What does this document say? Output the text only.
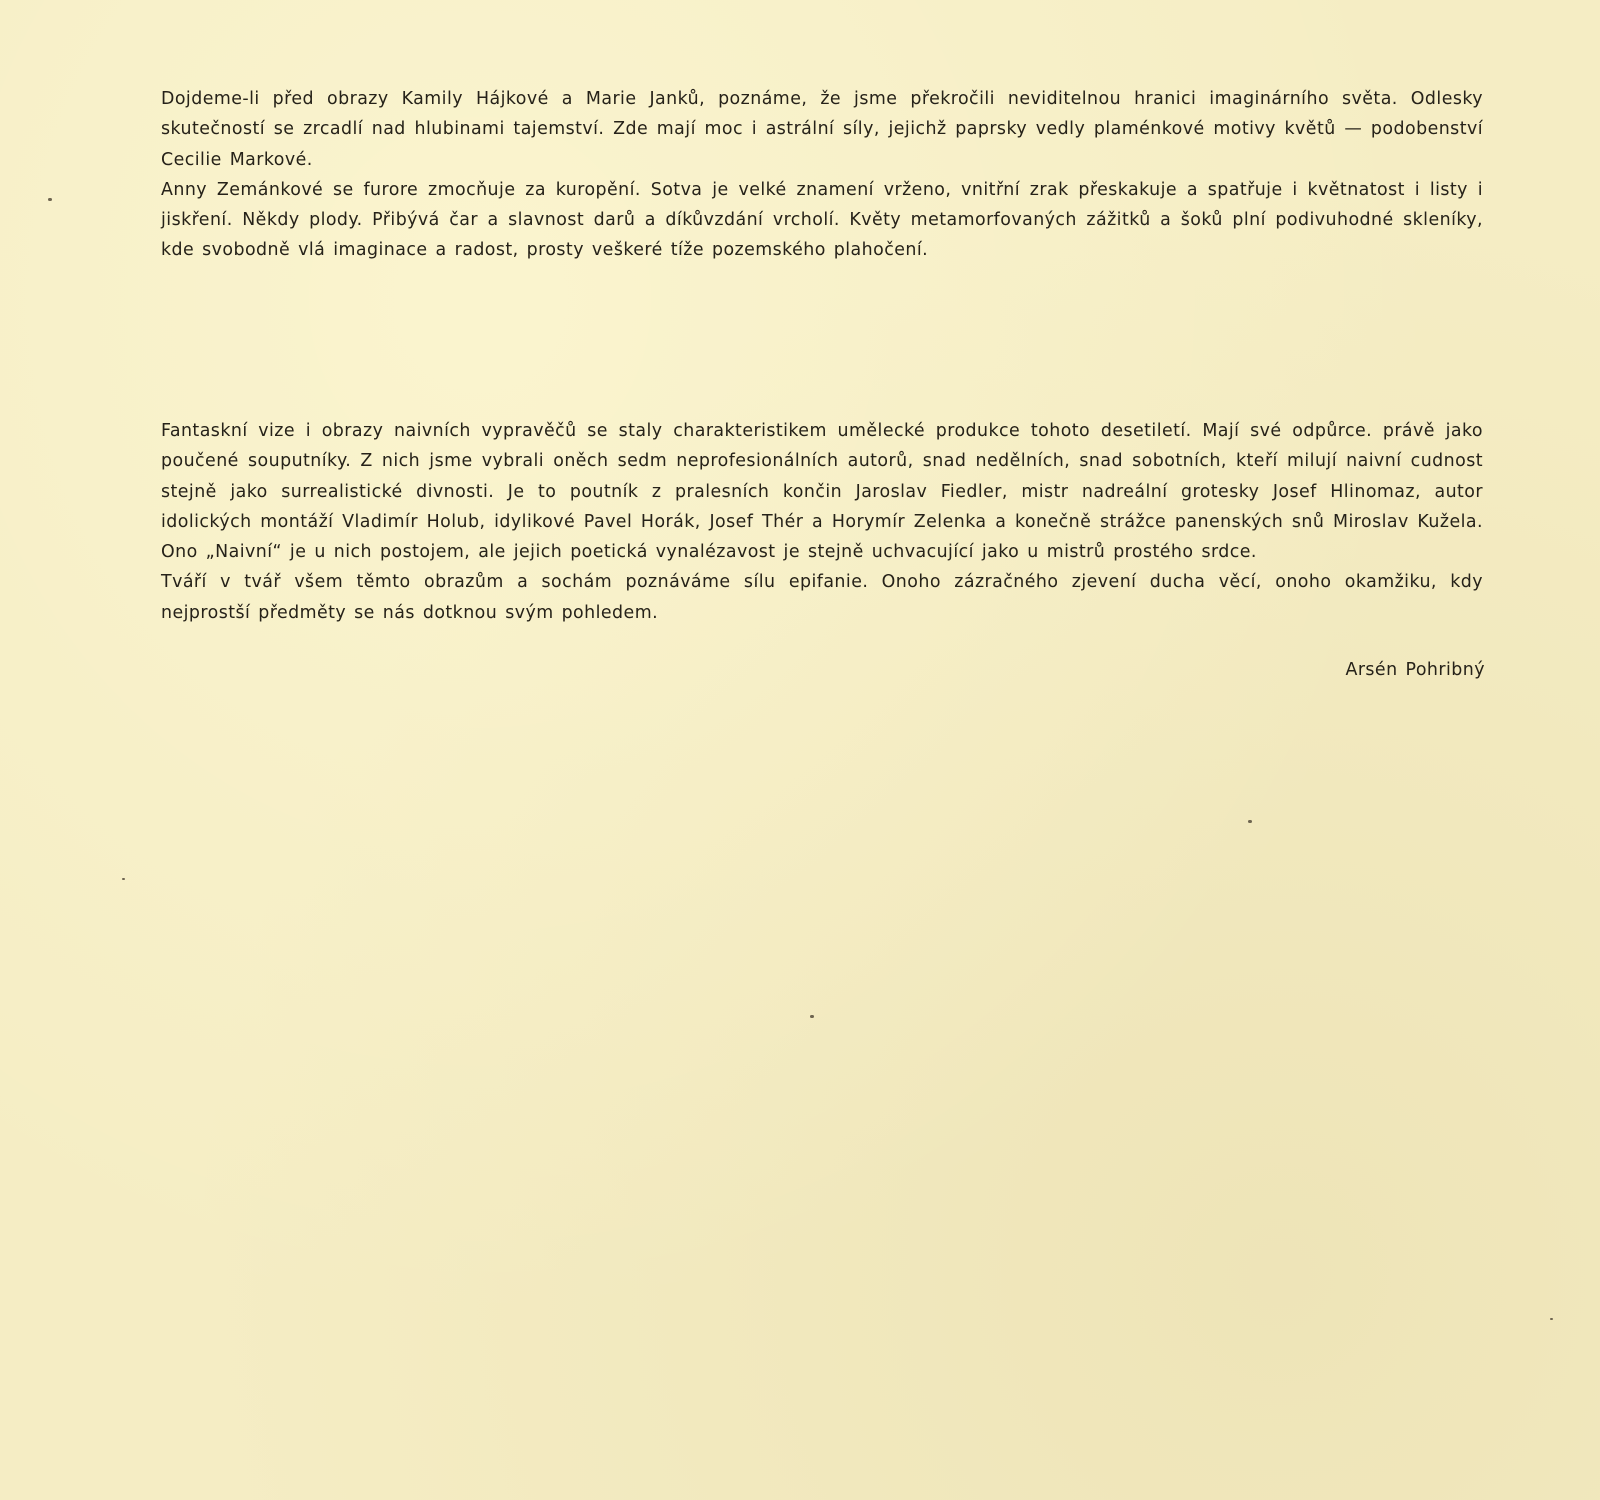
Dojdeme-li před obrazy Kamily Hájkové a Marie Janků, poznáme, že jsme překročili neviditelnou hranici imaginárního světa. Odlesky skutečností se zrcadlí nad hlubinami tajemství. Zde mají moc i astrální síly, jejichž paprsky vedly plaménkové motivy květů — podobenství Cecilie Markové.

Anny Zemánkové se furore zmocňuje za kuropění. Sotva je velké znamení vrženo, vnitřní zrak přeskakuje a spatřuje i květnatost i listy i jiskření. Někdy plody. Přibývá čar a slavnost darů a díkůvzdání vrcholí. Květy metamorfovaných zážitků a šoků plní podivuhodné skleníky, kde svobodně vlá imaginace a radost, prosty veškeré tíže pozemského plahočení.

Fantaskní vize i obrazy naivních vypravěčů se staly charakteristikem umělecké produkce tohoto desetiletí. Mají své odpůrce. právě jako poučené souputníky. Z nich jsme vybrali oněch sedm neprofesionálních autorů, snad nedělních, snad sobotních, kteří milují naivní cudnost stejně jako surrealistické divnosti. Je to poutník z pralesních končin Jaroslav Fiedler, mistr nadreální grotesky Josef Hlinomaz, autor idolických montáží Vladimír Holub, idylikové Pavel Horák, Josef Thér a Horymír Zelenka a konečně strážce panenských snů Miroslav Kužela. Ono „Naivní“ je u nich postojem, ale jejich poetická vynalézavost je stejně uchvacující jako u mistrů prostého srdce.

Tváří v tvář všem těmto obrazům a sochám poznáváme sílu epifanie. Onoho zázračného zjevení ducha věcí, onoho okamžiku, kdy nejprostší předměty se nás dotknou svým pohledem.

Arsén Pohribný
